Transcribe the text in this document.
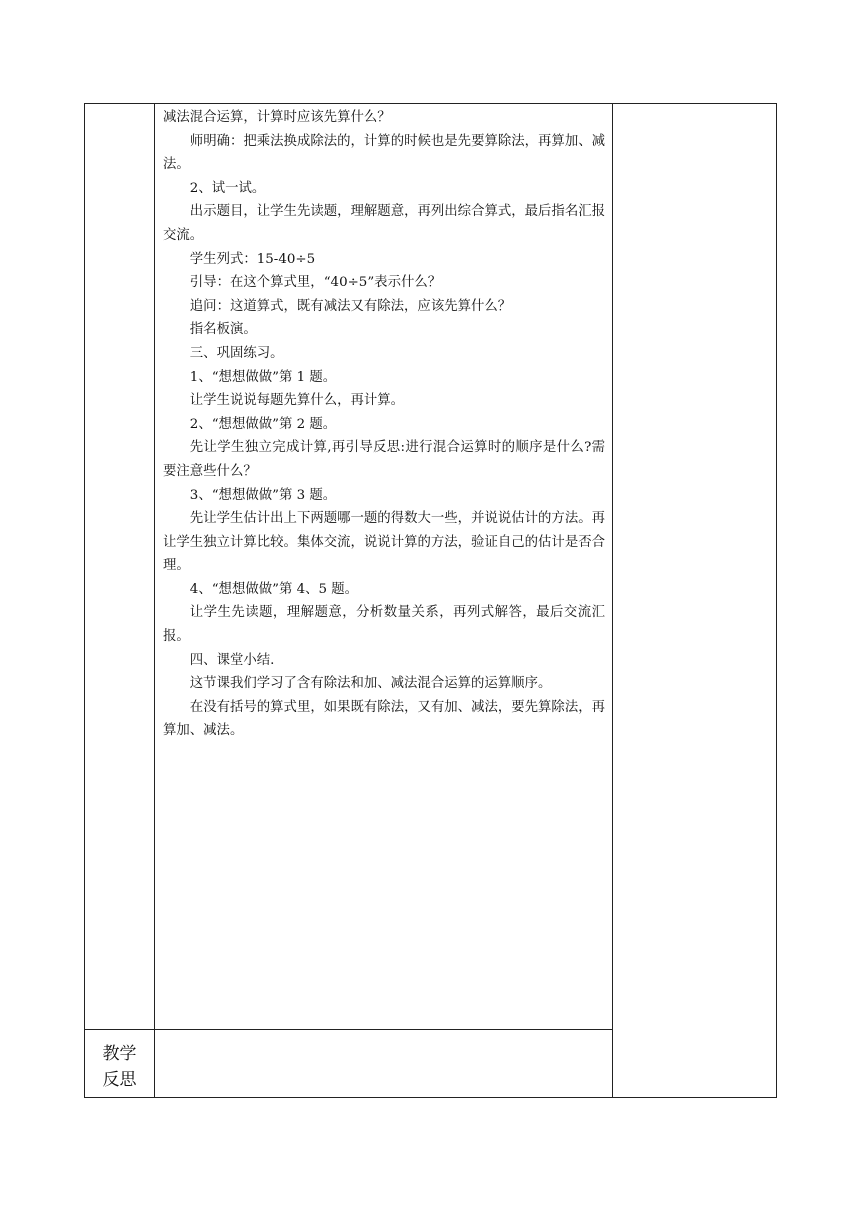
教学
反思

减法混合运算，计算时应该先算什么？

师明确：把乘法换成除法的，计算的时候也是先要算除法，再算加、减法。

2、试一试。

出示题目，让学生先读题，理解题意，再列出综合算式，最后指名汇报交流。

学生列式：15-40÷5

引导：在这个算式里，“40÷5”表示什么？

追问：这道算式，既有减法又有除法，应该先算什么？

指名板演。

三、巩固练习。

1、“想想做做”第 1 题。

让学生说说每题先算什么，再计算。

2、“想想做做”第 2 题。

先让学生独立完成计算,再引导反思:进行混合运算时的顺序是什么?需要注意些什么？

3、“想想做做”第 3 题。

先让学生估计出上下两题哪一题的得数大一些，并说说估计的方法。再让学生独立计算比较。集体交流，说说计算的方法，验证自己的估计是否合理。

4、“想想做做”第 4、5 题。

让学生先读题，理解题意，分析数量关系，再列式解答，最后交流汇报。

四、课堂小结.

这节课我们学习了含有除法和加、减法混合运算的运算顺序。

在没有括号的算式里，如果既有除法，又有加、减法，要先算除法，再算加、减法。
